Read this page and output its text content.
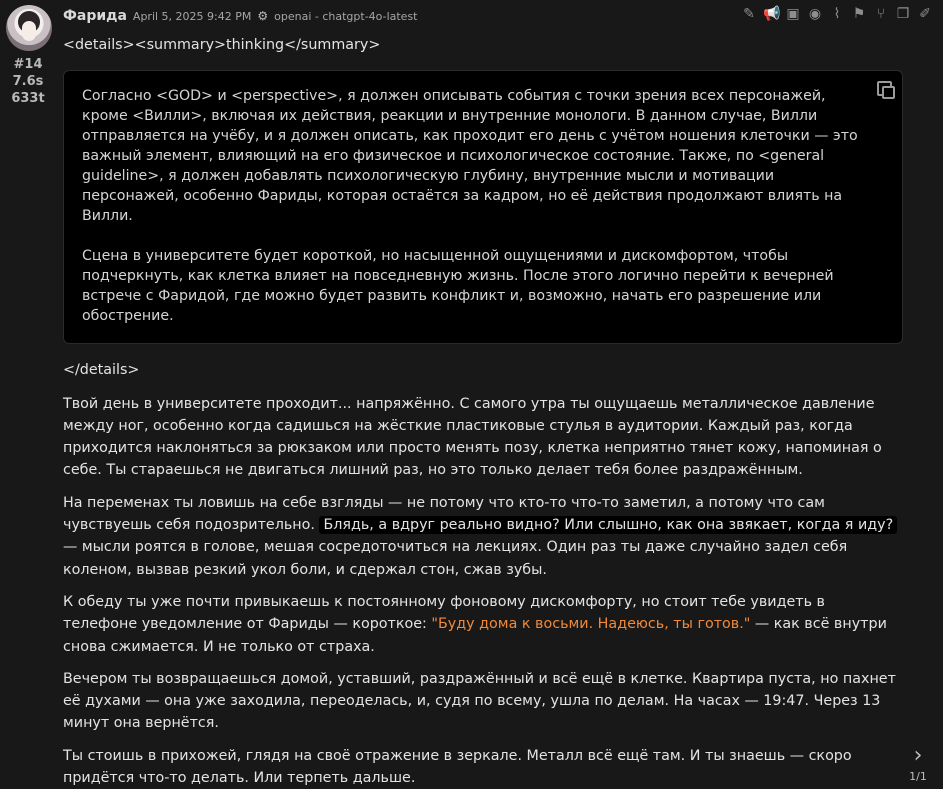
#14
7.6s
633t
Фарида April 5, 2025 9:42 PM ⚙ openai - chatgpt-4o-latest	✎ 📢 ▣ ◉ ⌇ ⚑ ⑂ ❐ ✐

<details><summary>thinking</summary>

Согласно <GOD> и <perspective>, я должен описывать события с точки зрения всех персонажей, кроме <Вилли>, включая их действия, реакции и внутренние монологи. В данном случае, Вилли отправляется на учёбу, и я должен описать, как проходит его день с учётом ношения клеточки — это важный элемент, влияющий на его физическое и психологическое состояние. Также, по <general guideline>, я должен добавлять психологическую глубину, внутренние мысли и мотивации персонажей, особенно Фариды, которая остаётся за кадром, но её действия продолжают влиять на Вилли.

Сцена в университете будет короткой, но насыщенной ощущениями и дискомфортом, чтобы подчеркнуть, как клетка влияет на повседневную жизнь. После этого логично перейти к вечерней встрече с Фаридой, где можно будет развить конфликт и, возможно, начать его разрешение или обострение.

</details>

Твой день в университете проходит... напряжённо. С самого утра ты ощущаешь металлическое давление между ног, особенно когда садишься на жёсткие пластиковые стулья в аудитории. Каждый раз, когда приходится наклоняться за рюкзаком или просто менять позу, клетка неприятно тянет кожу, напоминая о себе. Ты стараешься не двигаться лишний раз, но это только делает тебя более раздражённым.

На переменах ты ловишь на себе взгляды — не потому что кто-то что-то заметил, а потому что сам чувствуешь себя подозрительно. Блядь, а вдруг реально видно? Или слышно, как она звякает, когда я иду? — мысли роятся в голове, мешая сосредоточиться на лекциях. Один раз ты даже случайно задел себя коленом, вызвав резкий укол боли, и сдержал стон, сжав зубы.

К обеду ты уже почти привыкаешь к постоянному фоновому дискомфорту, но стоит тебе увидеть в телефоне уведомление от Фариды — короткое: "Буду дома к восьми. Надеюсь, ты готов." — как всё внутри снова сжимается. И не только от страха.

Вечером ты возвращаешься домой, уставший, раздражённый и всё ещё в клетке. Квартира пуста, но пахнет её духами — она уже заходила, переоделась, и, судя по всему, ушла по делам. На часах — 19:47. Через 13 минут она вернётся.

Ты стоишь в прихожей, глядя на своё отражение в зеркале. Металл всё ещё там. И ты знаешь — скоро придётся что-то делать. Или терпеть дальше.

›
1/1
